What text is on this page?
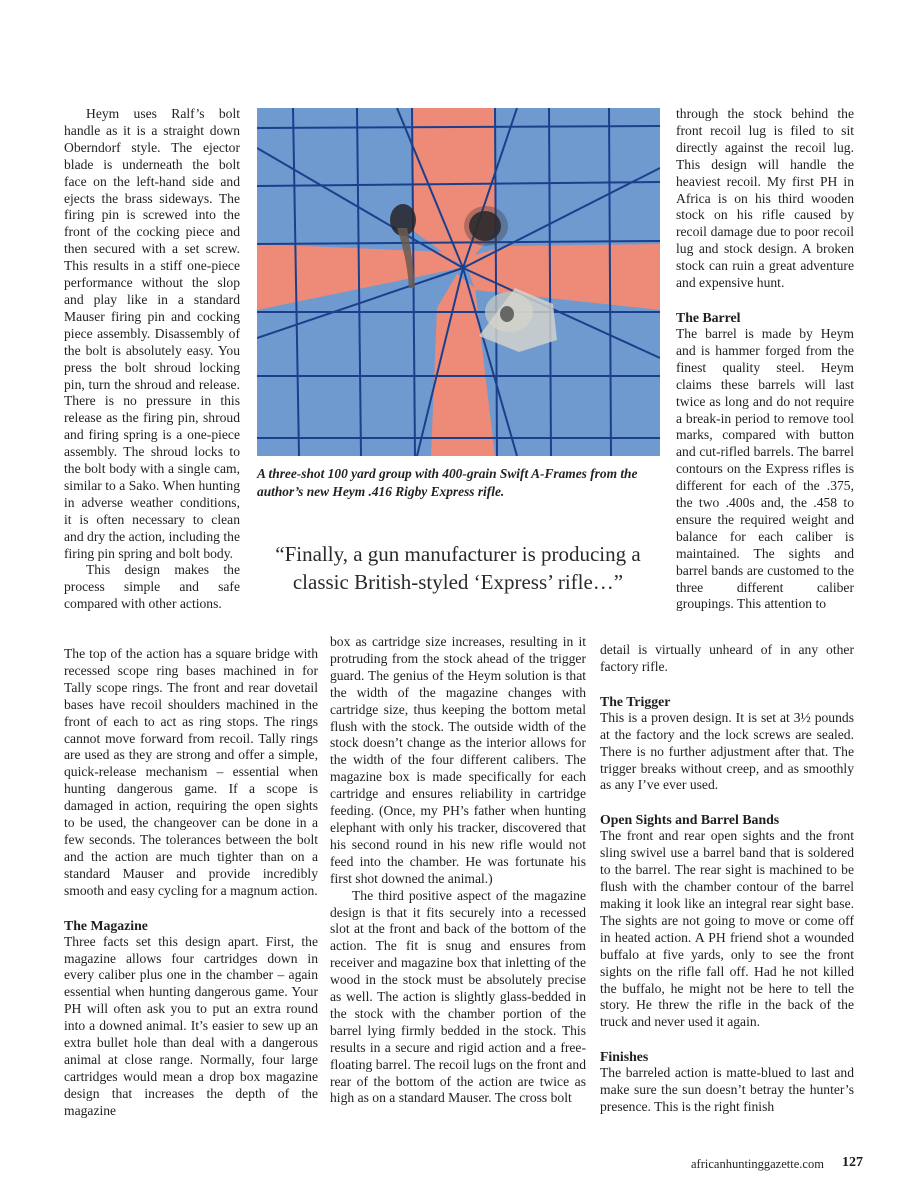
Heym uses Ralf’s bolt handle as it is a straight down Oberndorf style. The ejector blade is underneath the bolt face on the left-hand side and ejects the brass sideways. The firing pin is screwed into the front of the cocking piece and then secured with a set screw. This results in a stiff one-piece performance without the slop and play like in a standard Mauser firing pin and cocking piece assembly. Disassembly of the bolt is absolutely easy. You press the bolt shroud locking pin, turn the shroud and release. There is no pressure in this release as the firing pin, shroud and firing spring is a one-piece assembly. The shroud locks to the bolt body with a single cam, similar to a Sako. When hunting in adverse weather conditions, it is often necessary to clean and dry the action, including the firing pin spring and bolt body.

This design makes the process simple and safe compared with other actions.

The top of the action has a square bridge with recessed scope ring bases machined in for Tally scope rings. The front and rear dovetail bases have recoil shoulders machined in the front of each to act as ring stops. The rings cannot move forward from recoil. Tally rings are used as they are strong and offer a simple, quick-release mechanism – essential when hunting dangerous game. If a scope is damaged in action, requiring the open sights to be used, the changeover can be done in a few seconds. The tolerances between the bolt and the action are much tighter than on a standard Mauser and provide incredibly smooth and easy cycling for a magnum action.

The Magazine

Three facts set this design apart. First, the magazine allows four cartridges down in every caliber plus one in the chamber – again essential when hunting dangerous game. Your PH will often ask you to put an extra round into a downed animal. It’s easier to sew up an extra bullet hole than deal with a dangerous animal at close range. Normally, four large cartridges would mean a drop box magazine design that increases the depth of the magazine

A three-shot 100 yard group with 400-grain Swift A-Frames from the author’s new Heym .416 Rigby Express rifle.

“Finally, a gun manufacturer is producing a classic British-styled ‘Express’ rifle…”

box as cartridge size increases, resulting in it protruding from the stock ahead of the trigger guard. The genius of the Heym solution is that the width of the magazine changes with cartridge size, thus keeping the bottom metal flush with the stock. The outside width of the stock doesn’t change as the interior allows for the width of the four different calibers. The magazine box is made specifically for each cartridge and ensures reliability in cartridge feeding. (Once, my PH’s father when hunting elephant with only his tracker, discovered that his second round in his new rifle would not feed into the chamber. He was fortunate his first shot downed the animal.)

The third positive aspect of the magazine design is that it fits securely into a recessed slot at the front and back of the bottom of the action. The fit is snug and ensures from receiver and magazine box that inletting of the wood in the stock must be absolutely precise as well. The action is slightly glass-bedded in the stock with the chamber portion of the barrel lying firmly bedded in the stock. This results in a secure and rigid action and a free-floating barrel. The recoil lugs on the front and rear of the bottom of the action are twice as high as on a standard Mauser. The cross bolt

through the stock behind the front recoil lug is filed to sit directly against the recoil lug. This design will handle the heaviest recoil. My first PH in Africa is on his third wooden stock on his rifle caused by recoil damage due to poor recoil lug and stock design. A broken stock can ruin a great adventure and expensive hunt.

The Barrel

The barrel is made by Heym and is hammer forged from the finest quality steel. Heym claims these barrels will last twice as long and do not require a break-in period to remove tool marks, compared with button and cut-rifled barrels. The barrel contours on the Express rifles is different for each of the .375, the two .400s and, the .458 to ensure the required weight and balance for each caliber is maintained. The sights and barrel bands are customed to the three different caliber groupings. This attention to

detail is virtually unheard of in any other factory rifle.

The Trigger

This is a proven design. It is set at 3½ pounds at the factory and the lock screws are sealed. There is no further adjustment after that. The trigger breaks without creep, and as smoothly as any I’ve ever used.

Open Sights and Barrel Bands

The front and rear open sights and the front sling swivel use a barrel band that is soldered to the barrel. The rear sight is machined to be flush with the chamber contour of the barrel making it look like an integral rear sight base. The sights are not going to move or come off in heated action. A PH friend shot a wounded buffalo at five yards, only to see the front sights on the rifle fall off. Had he not killed the buffalo, he might not be here to tell the story. He threw the rifle in the back of the truck and never used it again.

Finishes

The barreled action is matte-blued to last and make sure the sun doesn’t betray the hunter’s presence. This is the right finish

africanhuntinggazette.com 127
